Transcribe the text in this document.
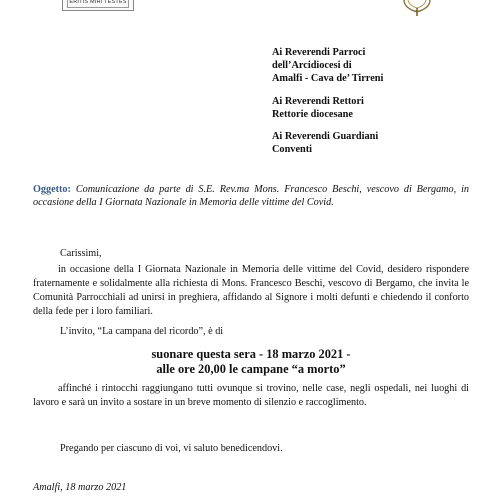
ERITIS MIHI TESTES
Ai Reverendi Parroci
dell’Arcidiocesi di
Amalfi - Cava de’ Tirreni
Ai Reverendi Rettori
Rettorie diocesane
Ai Reverendi Guardiani
Conventi
Oggetto: Comunicazione da parte di S.E. Rev.ma Mons. Francesco Beschi, vescovo di Bergamo, in occasione della I Giornata Nazionale in Memoria delle vittime del Covid.
Carissimi,
in occasione della I Giornata Nazionale in Memoria delle vittime del Covid, desidero rispondere fraternamente e solidalmente alla richiesta di Mons. Francesco Beschi, vescovo di Bergamo, che invita le Comunità Parrocchiali ad unirsi in preghiera, affidando al Signore i molti defunti e chiedendo il conforto della fede per i loro familiari.
L’invito, “La campana del ricordo”, è di
suonare questa sera - 18 marzo 2021 -
alle ore 20,00 le campane “a morto”
affinché i rintocchi raggiungano tutti ovunque si trovino, nelle case, negli ospedali, nei luoghi di lavoro e sarà un invito a sostare in un breve momento di silenzio e raccoglimento.
Pregando per ciascuno di voi, vi saluto benedicendovi.
Amalfi, 18 marzo 2021
